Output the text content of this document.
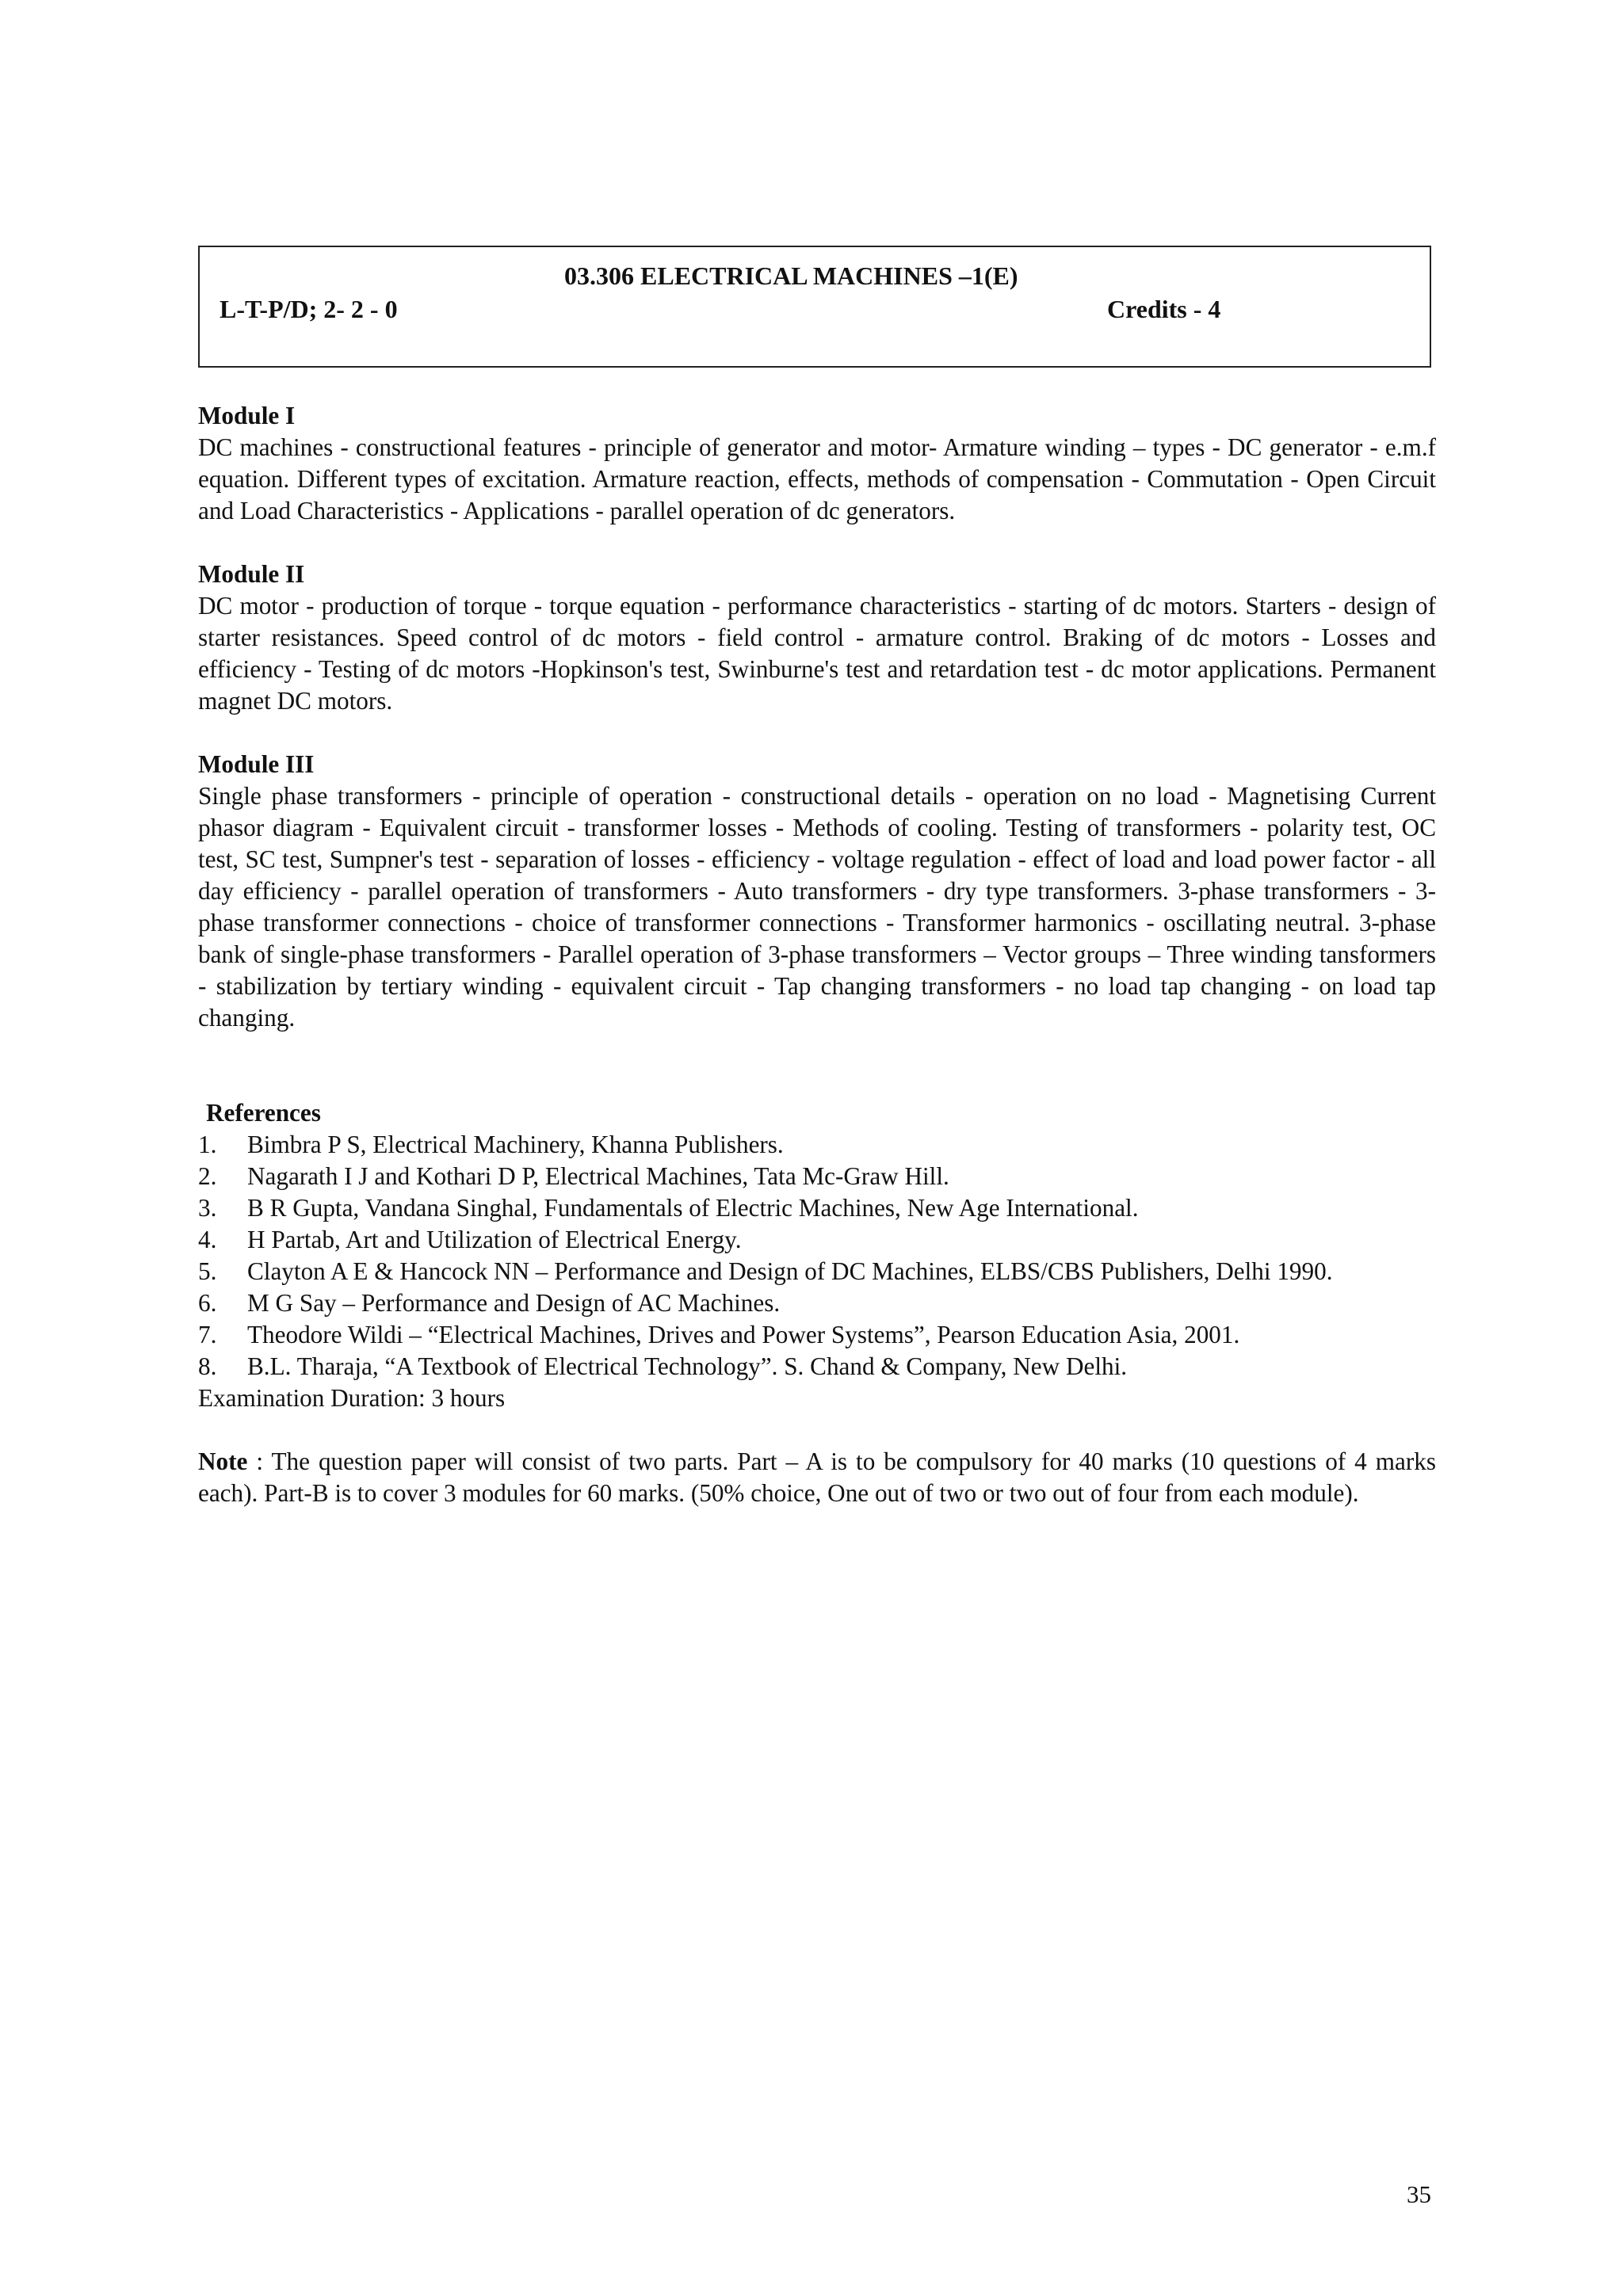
03.306 ELECTRICAL MACHINES –1(E)
L-T-P/D; 2- 2 - 0	Credits - 4
Module I

DC machines - constructional features - principle of generator and motor- Armature winding – types - DC generator - e.m.f equation. Different types of excitation. Armature reaction, effects, methods of compensation - Commutation - Open Circuit and Load Characteristics - Applications - parallel operation of dc generators.

Module II

DC motor - production of torque - torque equation - performance characteristics - starting of dc motors. Starters - design of starter resistances. Speed control of dc motors - field control - armature control. Braking of dc motors - Losses and efficiency - Testing of dc motors -Hopkinson's test, Swinburne's test and retardation test - dc motor applications. Permanent magnet DC motors.

Module III

Single phase transformers - principle of operation - constructional details - operation on no load - Magnetising Current phasor diagram - Equivalent circuit - transformer losses - Methods of cooling. Testing of transformers - polarity test, OC test, SC test, Sumpner's test - separation of losses - efficiency - voltage regulation - effect of load and load power factor - all day efficiency - parallel operation of transformers - Auto transformers - dry type transformers. 3-phase transformers - 3-phase transformer connections - choice of transformer connections - Transformer harmonics - oscillating neutral. 3-phase bank of single-phase transformers - Parallel operation of 3-phase transformers – Vector groups – Three winding tansformers - stabilization by tertiary winding - equivalent circuit - Tap changing transformers - no load tap changing - on load tap changing.

References
1.	Bimbra P S, Electrical Machinery, Khanna Publishers.
2.	Nagarath I J and Kothari D P, Electrical Machines, Tata Mc-Graw Hill.
3.	B R Gupta, Vandana Singhal, Fundamentals of Electric Machines, New Age International.
4.	H Partab, Art and Utilization of Electrical Energy.
5.	Clayton A E & Hancock NN – Performance and Design of DC Machines, ELBS/CBS Publishers, Delhi 1990.
6.	M G Say – Performance and Design of AC Machines.
7.	Theodore Wildi – “Electrical Machines, Drives and Power Systems”, Pearson Education Asia, 2001.
8.	B.L. Tharaja, “A Textbook of Electrical Technology”. S. Chand & Company, New Delhi.

Examination Duration: 3 hours

Note : The question paper will consist of two parts. Part – A is to be compulsory for 40 marks (10 questions of 4 marks each). Part-B is to cover 3 modules for 60 marks. (50% choice, One out of two or two out of four from each module).

35
